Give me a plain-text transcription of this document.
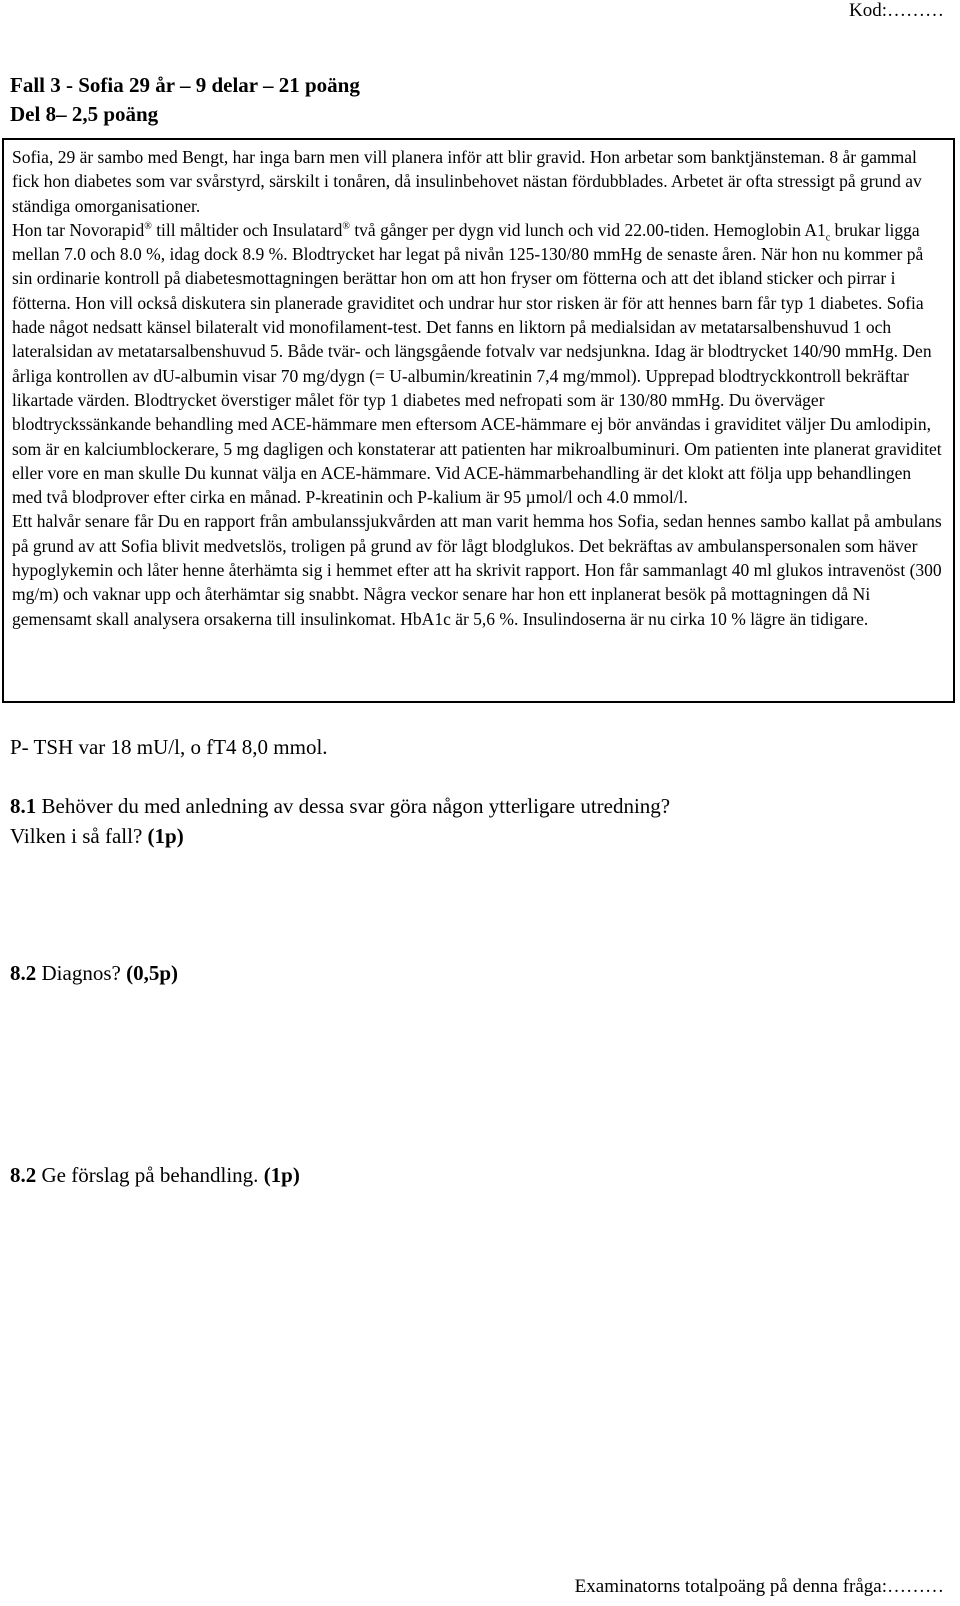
Kod:………
Fall 3 - Sofia 29 år – 9 delar – 21 poäng
Del 8– 2,5 poäng
Sofia, 29 är sambo med Bengt, har inga barn men vill planera inför att blir gravid. Hon arbetar som banktjänsteman. 8 år gammal fick hon diabetes som var svårstyrd, särskilt i tonåren, då insulinbehovet nästan fördubblades. Arbetet är ofta stressigt på grund av ständiga omorganisationer.
Hon tar Novorapid® till måltider och Insulatard® två gånger per dygn vid lunch och vid 22.00-tiden. Hemoglobin $A1_c$ brukar ligga mellan 7.0 och 8.0 %, idag dock 8.9 %. Blodtrycket har legat på nivån 125-130/80 mmHg de senaste åren. När hon nu kommer på sin ordinarie kontroll på diabetesmottagningen berättar hon om att hon fryser om fötterna och att det ibland sticker och pirrar i fötterna. Hon vill också diskutera sin planerade graviditet och undrar hur stor risken är för att hennes barn får typ 1 diabetes. Sofia hade något nedsatt känsel bilateralt vid monofilament-test. Det fanns en liktorn på medialsidan av metatarsalbenshuvud 1 och lateralsidan av metatarsalbenshuvud 5. Både tvär- och längsgående fotvalv var nedsjunkna. Idag är blodtrycket 140/90 mmHg. Den årliga kontrollen av dU-albumin visar 70 mg/dygn (= U-albumin/kreatinin 7,4 mg/mmol). Upprepad blodtryckkontroll bekräftar likartade värden. Blodtrycket överstiger målet för typ 1 diabetes med nefropati som är 130/80 mmHg. Du överväger blodtryckssänkande behandling med ACE-hämmare men eftersom ACE-hämmare ej bör användas i graviditet väljer Du amlodipin, som är en kalciumblockerare, 5 mg dagligen och konstaterar att patienten har mikroalbuminuri. Om patienten inte planerat graviditet eller vore en man skulle Du kunnat välja en ACE-hämmare. Vid ACE-hämmarbehandling är det klokt att följa upp behandlingen med två blodprover efter cirka en månad. P-kreatinin och P-kalium är 95 µmol/l och 4.0 mmol/l.
Ett halvår senare får Du en rapport från ambulanssjukvården att man varit hemma hos Sofia, sedan hennes sambo kallat på ambulans på grund av att Sofia blivit medvetslös, troligen på grund av för lågt blodglukos. Det bekräftas av ambulanspersonalen som häver hypoglykemin och låter henne återhämta sig i hemmet efter att ha skrivit rapport. Hon får sammanlagt 40 ml glukos intravenöst (300 mg/m) och vaknar upp och återhämtar sig snabbt. Några veckor senare har hon ett inplanerat besök på mottagningen då Ni gemensamt skall analysera orsakerna till insulinkomat. HbA1c är 5,6 %. Insulindoserna är nu cirka 10 % lägre än tidigare.
P- TSH var 18 mU/l, o fT4 8,0 mmol.
8.1 Behöver du med anledning av dessa svar göra någon ytterligare utredning?
Vilken i så fall? (1p)
8.2 Diagnos? (0,5p)
8.2 Ge förslag på behandling. (1p)
Examinatorns totalpoäng på denna fråga:………
